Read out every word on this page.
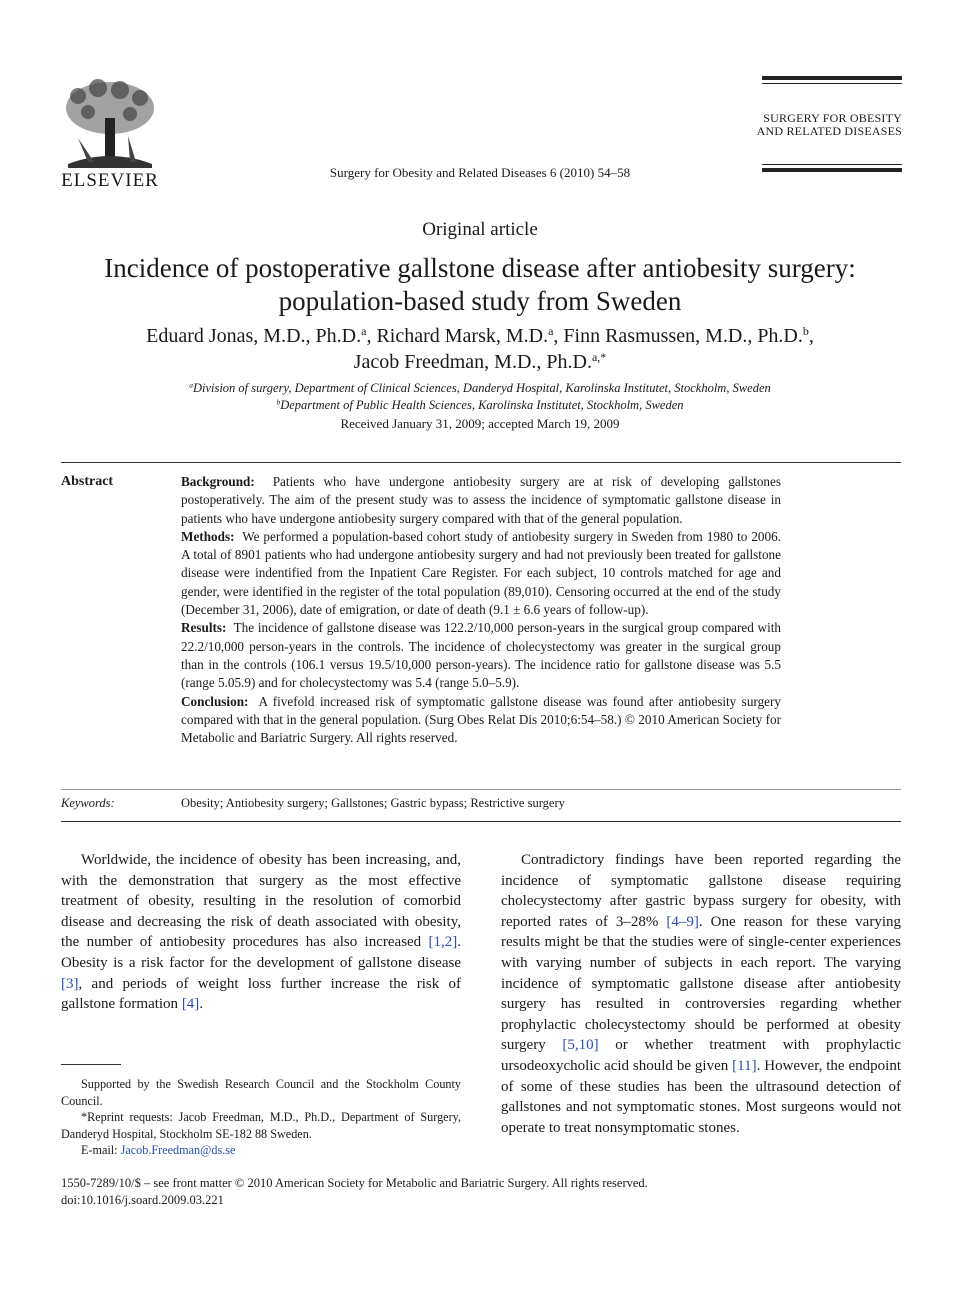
ELSEVIER	Surgery for Obesity and Related Diseases 6 (2010) 54–58
SURGERY FOR OBESITY
AND RELATED DISEASES
Original article
Incidence of postoperative gallstone disease after antiobesity surgery:
population-based study from Sweden
Eduard Jonas, M.D., Ph.D.$^a$, Richard Marsk, M.D.$^a$, Finn Rasmussen, M.D., Ph.D.$^b$,
Jacob Freedman, M.D., Ph.D.$^{a,*}$
$^a$Division of surgery, Department of Clinical Sciences, Danderyd Hospital, Karolinska Institutet, Stockholm, Sweden
$^b$Department of Public Health Sciences, Karolinska Institutet, Stockholm, Sweden
Received January 31, 2009; accepted March 19, 2009
Abstract	Background: Patients who have undergone antiobesity surgery are at risk of developing gallstones postoperatively. The aim of the present study was to assess the incidence of symptomatic gallstone disease in patients who have undergone antiobesity surgery compared with that of the general population.

Methods: We performed a population-based cohort study of antiobesity surgery in Sweden from 1980 to 2006. A total of 8901 patients who had undergone antiobesity surgery and had not previously been treated for gallstone disease were indentified from the Inpatient Care Register. For each subject, 10 controls matched for age and gender, were identified in the register of the total population (89,010). Censoring occurred at the end of the study (December 31, 2006), date of emigration, or date of death (9.1 ± 6.6 years of follow-up).

Results: The incidence of gallstone disease was 122.2/10,000 person-years in the surgical group compared with 22.2/10,000 person-years in the controls. The incidence of cholecystectomy was greater in the surgical group than in the controls (106.1 versus 19.5/10,000 person-years). The incidence ratio for gallstone disease was 5.5 (range 5.05.9) and for cholecystectomy was 5.4 (range 5.0–5.9).

Conclusion: A fivefold increased risk of symptomatic gallstone disease was found after antiobesity surgery compared with that in the general population. (Surg Obes Relat Dis 2010;6:54–58.) © 2010 American Society for Metabolic and Bariatric Surgery. All rights reserved.

Keywords:	Obesity; Antiobesity surgery; Gallstones; Gastric bypass; Restrictive surgery

Worldwide, the incidence of obesity has been increasing, and, with the demonstration that surgery as the most effective treatment of obesity, resulting in the resolution of comorbid disease and decreasing the risk of death associated with obesity, the number of antiobesity procedures has also increased [1,2]. Obesity is a risk factor for the development of gallstone disease [3], and periods of weight loss further increase the risk of gallstone formation [4].

Contradictory findings have been reported regarding the incidence of symptomatic gallstone disease requiring cholecystectomy after gastric bypass surgery for obesity, with reported rates of 3–28% [4–9]. One reason for these varying results might be that the studies were of single-center experiences with varying number of subjects in each report. The varying incidence of symptomatic gallstone disease after antiobesity surgery has resulted in controversies regarding whether prophylactic cholecystectomy should be performed at obesity surgery [5,10] or whether treatment with prophylactic ursodeoxycholic acid should be given [11]. However, the endpoint of some of these studies has been the ultrasound detection of gallstones and not symptomatic stones. Most surgeons would not operate to treat nonsymptomatic stones.

Supported by the Swedish Research Council and the Stockholm County Council.

*Reprint requests: Jacob Freedman, M.D., Ph.D., Department of Surgery, Danderyd Hospital, Stockholm SE-182 88 Sweden.

E-mail: Jacob.Freedman@ds.se

1550-7289/10/$ – see front matter © 2010 American Society for Metabolic and Bariatric Surgery. All rights reserved.
doi:10.1016/j.soard.2009.03.221
